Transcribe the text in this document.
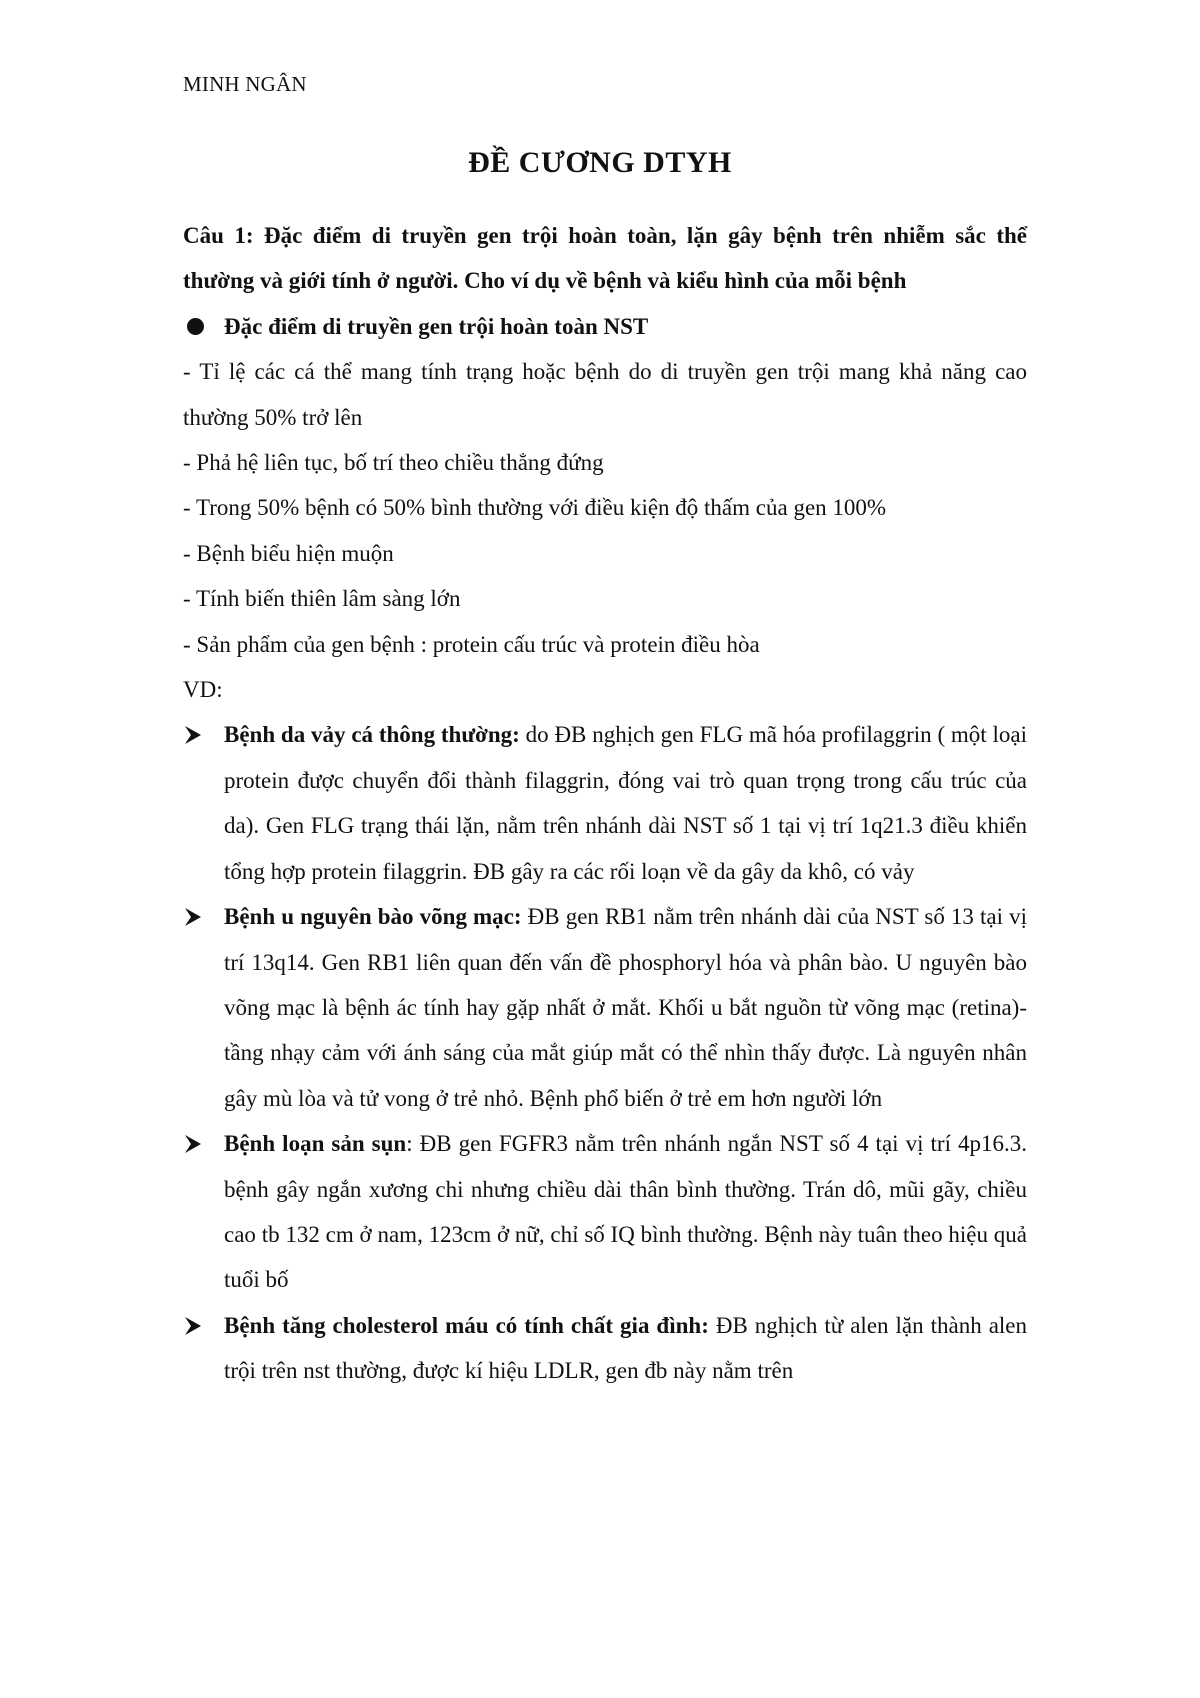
MINH NGÂN
ĐỀ CƯƠNG DTYH
Câu 1: Đặc điểm di truyền gen trội hoàn toàn, lặn gây bệnh trên nhiễm sắc thể thường và giới tính ở người. Cho ví dụ về bệnh và kiểu hình của mỗi bệnh
Đặc điểm di truyền gen trội hoàn toàn NST
- Tỉ lệ các cá thể mang tính trạng hoặc bệnh do di truyền gen trội mang khả năng cao thường 50% trở lên
- Phả hệ liên tục, bố trí theo chiều thẳng đứng
- Trong 50% bệnh có 50% bình thường với điều kiện độ thấm của gen 100%
- Bệnh biểu hiện muộn
- Tính biến thiên lâm sàng lớn
- Sản phẩm của gen bệnh : protein cấu trúc và protein điều hòa
VD:
Bệnh da vảy cá thông thường: do ĐB nghịch gen FLG mã hóa profilaggrin ( một loại protein được chuyển đổi thành filaggrin, đóng vai trò quan trọng trong cấu trúc của da). Gen FLG trạng thái lặn, nằm trên nhánh dài NST số 1 tại vị trí 1q21.3 điều khiển tổng hợp protein filaggrin. ĐB gây ra các rối loạn về da gây da khô, có vảy
Bệnh u nguyên bào võng mạc: ĐB gen RB1 nằm trên nhánh dài của NST số 13 tại vị trí 13q14. Gen RB1 liên quan đến vấn đề phosphoryl hóa và phân bào. U nguyên bào võng mạc là bệnh ác tính hay gặp nhất ở mắt. Khối u bắt nguồn từ võng mạc (retina)- tầng nhạy cảm với ánh sáng của mắt giúp mắt có thể nhìn thấy được. Là nguyên nhân gây mù lòa và tử vong ở trẻ nhỏ. Bệnh phổ biến ở trẻ em hơn người lớn
Bệnh loạn sản sụn: ĐB gen FGFR3 nằm trên nhánh ngắn NST số 4 tại vị trí 4p16.3. bệnh gây ngắn xương chi nhưng chiều dài thân bình thường. Trán dô, mũi gãy, chiều cao tb 132 cm ở nam, 123cm ở nữ, chỉ số IQ bình thường. Bệnh này tuân theo hiệu quả tuổi bố
Bệnh tăng cholesterol máu có tính chất gia đình: ĐB nghịch từ alen lặn thành alen trội trên nst thường, được kí hiệu LDLR, gen đb này nằm trên
